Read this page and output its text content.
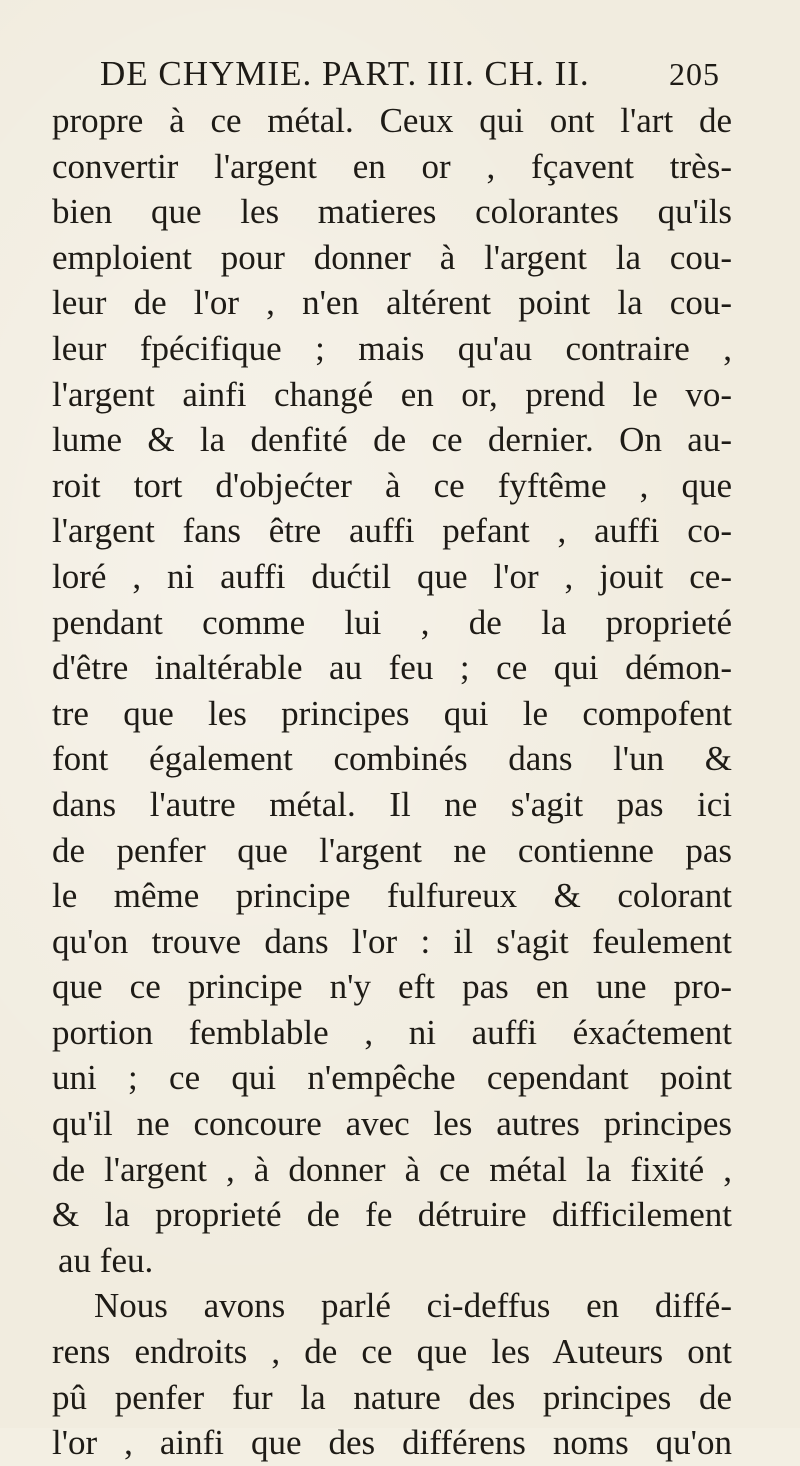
DE CHYMIE. PART. III. CH. II. 205
propre à ce métal. Ceux qui ont l'art de
convertir l'argent en or , fçavent très-
bien que les matieres colorantes qu'ils
emploient pour donner à l'argent la cou-
leur de l'or , n'en altérent point la cou-
leur fpécifique ; mais qu'au contraire ,
l'argent ainfi changé en or, prend le vo-
lume & la denfité de ce dernier. On au-
roit tort d'objećter à ce fyftême , que
l'argent fans être auffi pefant , auffi co-
loré , ni auffi dućtil que l'or , jouit ce-
pendant comme lui , de la proprieté
d'être inaltérable au feu ; ce qui démon-
tre que les principes qui le compofent
font également combinés dans l'un &
dans l'autre métal. Il ne s'agit pas ici
de penfer que l'argent ne contienne pas
le même principe fulfureux & colorant
qu'on trouve dans l'or : il s'agit feulement
que ce principe n'y eft pas en une pro-
portion femblable , ni auffi éxaćtement
uni ; ce qui n'empêche cependant point
qu'il ne concoure avec les autres principes
de l'argent , à donner à ce métal la fixité ,
& la proprieté de fe détruire difficilement
au feu.
Nous avons parlé ci-deffus en diffé-
rens endroits , de ce que les Auteurs ont
pû penfer fur la nature des principes de
l'or , ainfi que des différens noms qu'on
